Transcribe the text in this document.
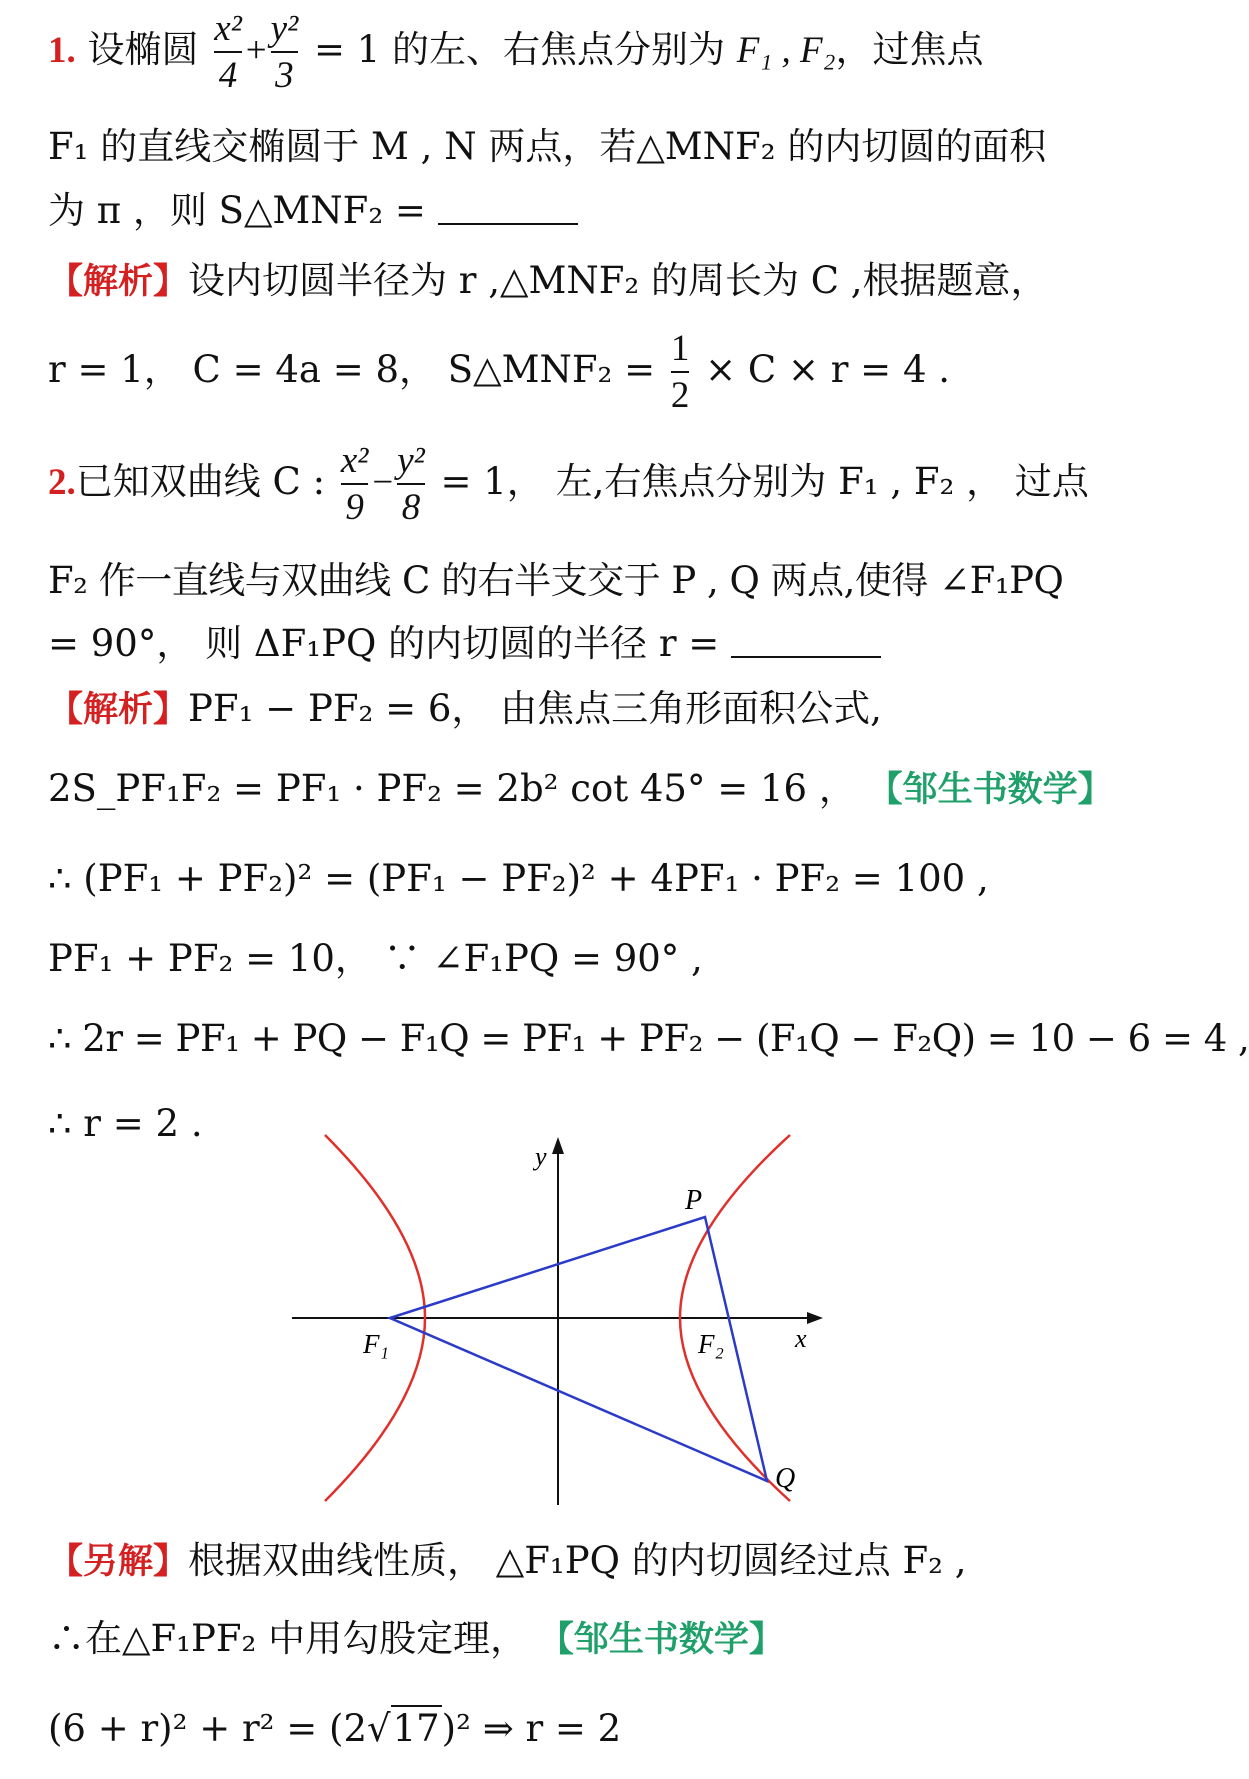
1. 设椭圆 $\frac{\text{x²}}{4} + \frac{\text{y²}}{3} = 1$ 的左、右焦点分别为 F₁ , F₂，过焦点
F₁ 的直线交椭圆于 M , N 两点，若△MNF₂ 的内切圆的面积
为 π ，则 S△MNF₂ =
【解析】设内切圆半径为 r ,△MNF₂ 的周长为 C ,根据题意，
r = 1， C = 4a = 8， S△MNF₂ = $\frac{1}{2} \times C \times r = 4$ .
2.已知双曲线 C : $\frac{\text{x²}}{9} - \frac{\text{y²}}{8} = 1$， 左,右焦点分别为 F₁ , F₂ ， 过点
F₂ 作一直线与双曲线 C 的右半支交于 P , Q 两点,使得 ∠F₁PQ
= 90°， 则 ΔF₁PQ 的内切圆的半径 r =
【解析】PF₁ − PF₂ = 6， 由焦点三角形面积公式,
2S_PF₁F₂ = PF₁ · PF₂ = 2b² cot 45° = 16 ， 【邹生书数学】
∴ (PF₁ + PF₂)² = (PF₁ − PF₂)² + 4PF₁ · PF₂ = 100 ,
PF₁ + PF₂ = 10， ∵ ∠F₁PQ = 90° ,
∴ 2r = PF₁ + PQ − F₁Q = PF₁ + PF₂ − (F₁Q − F₂Q) = 10 − 6 = 4 ,
∴ r = 2 .
y
x
P
F₁	F₂
Q
【另解】根据双曲线性质， △F₁PQ 的内切圆经过点 F₂ ,
∴在△F₁PF₂ 中用勾股定理， 【邹生书数学】
(6 + r)² + r² = (2√17)² ⇒ r = 2
